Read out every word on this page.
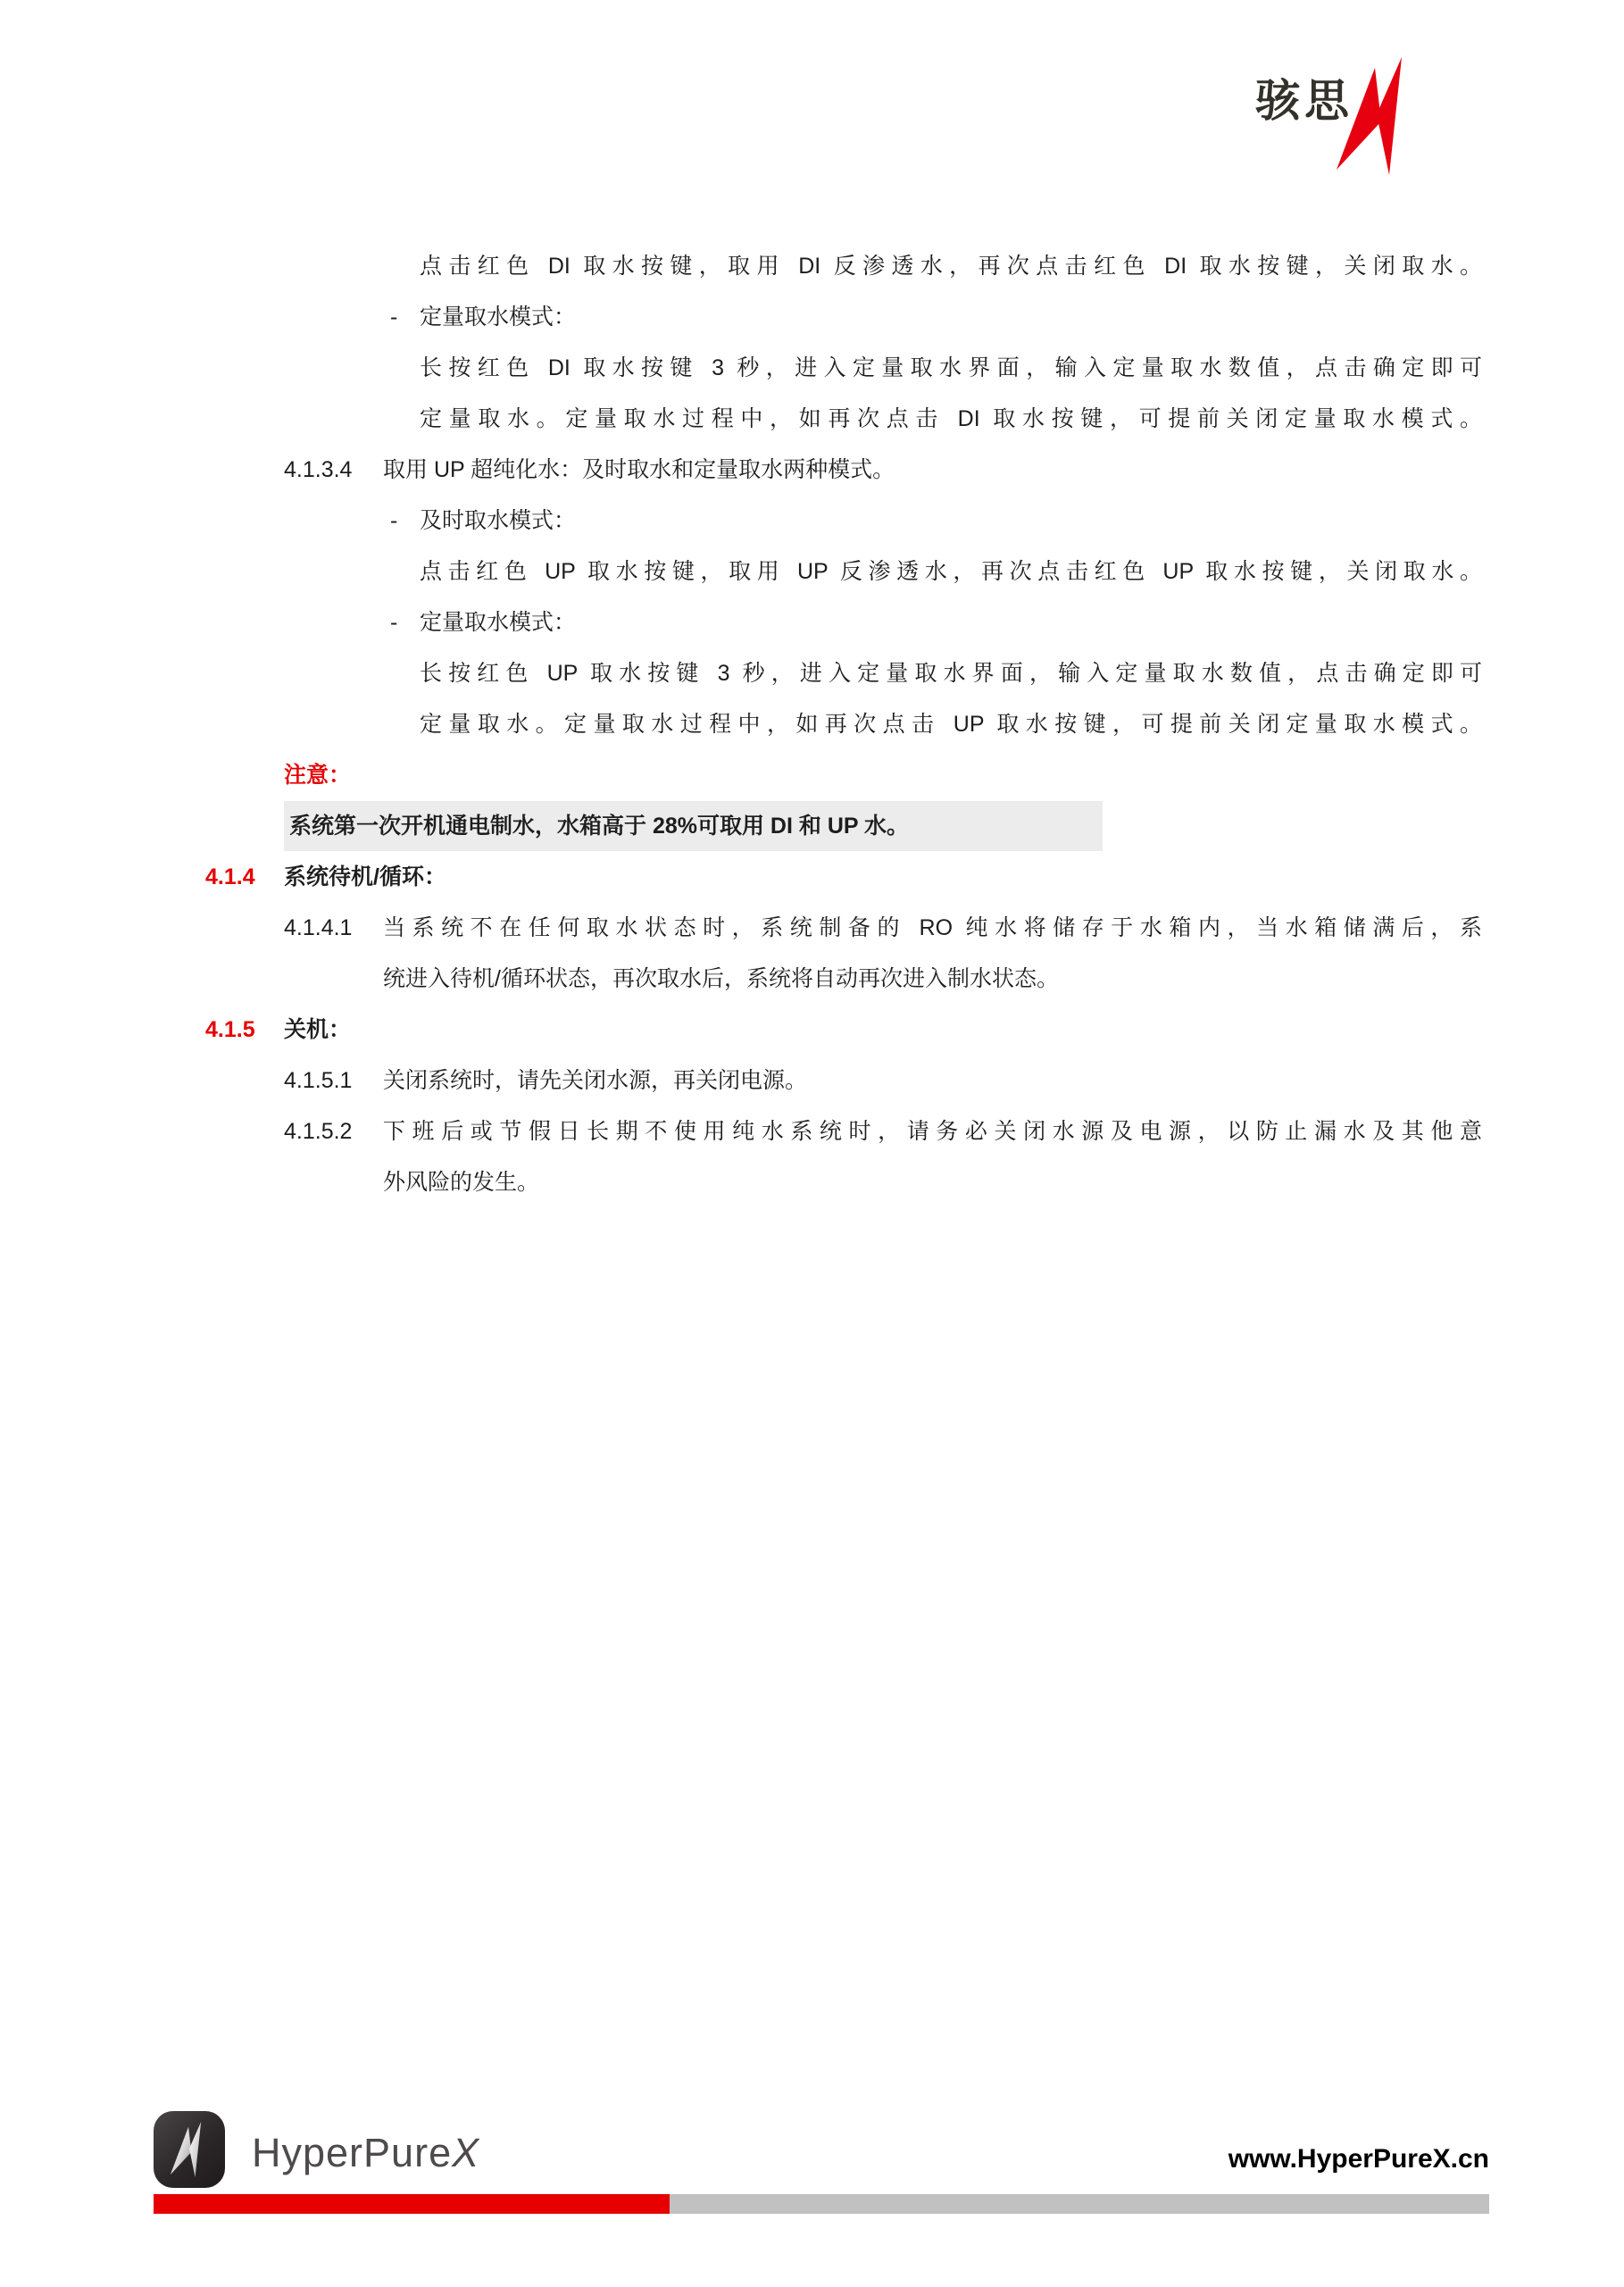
骇思
点击红色 DI 取水按键，取用 DI 反渗透水，再次点击红色 DI 取水按键，关闭取水。
- 定量取水模式：
长按红色 DI 取水按键 3 秒，进入定量取水界面，输入定量取水数值，点击确定即可
定量取水。定量取水过程中，如再次点击 DI 取水按键，可提前关闭定量取水模式。
4.1.3.4	取用 UP 超纯化水：及时取水和定量取水两种模式。
- 及时取水模式：
点击红色 UP 取水按键，取用 UP 反渗透水，再次点击红色 UP 取水按键，关闭取水。
- 定量取水模式：
长按红色 UP 取水按键 3 秒，进入定量取水界面，输入定量取水数值，点击确定即可
定量取水。定量取水过程中，如再次点击 UP 取水按键，可提前关闭定量取水模式。
注意：
系统第一次开机通电制水，水箱高于 28%可取用 DI 和 UP 水。
4.1.4	系统待机/循环：
4.1.4.1	当系统不在任何取水状态时，系统制备的 RO 纯水将储存于水箱内，当水箱储满后，系
统进入待机/循环状态，再次取水后，系统将自动再次进入制水状态。
4.1.5	关机：
4.1.5.1	关闭系统时，请先关闭水源，再关闭电源。
4.1.5.2	下班后或节假日长期不使用纯水系统时，请务必关闭水源及电源，以防止漏水及其他意
外风险的发生。
HyperPureX	www.HyperPureX.cn
